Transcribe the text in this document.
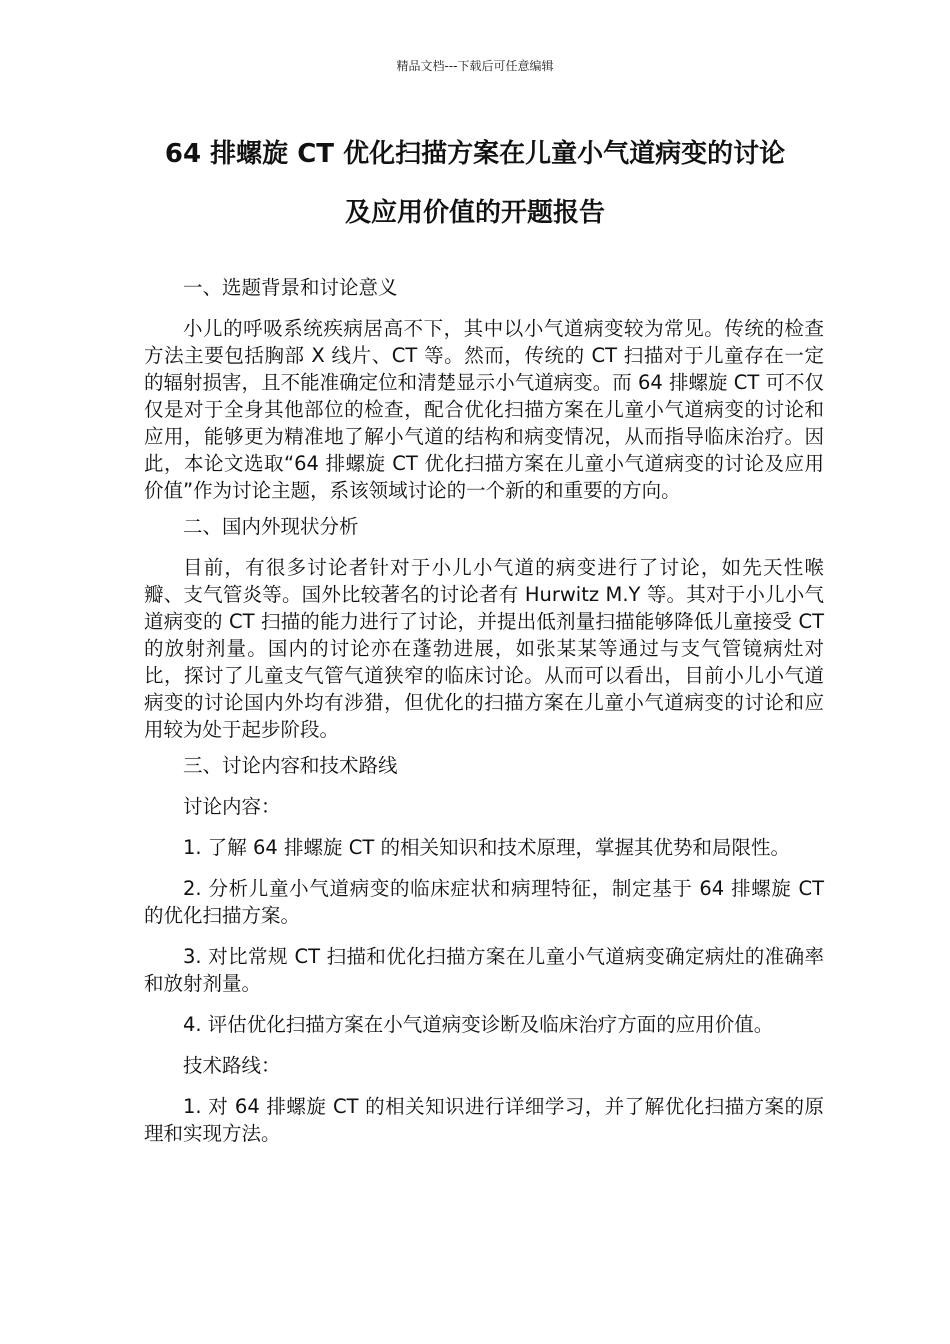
精品文档---下载后可任意编辑
64 排螺旋 CT 优化扫描方案在儿童小气道病变的讨论
及应用价值的开题报告

一、选题背景和讨论意义

小儿的呼吸系统疾病居高不下，其中以小气道病变较为常见。传统的检查方法主要包括胸部 X 线片、CT 等。然而，传统的 CT 扫描对于儿童存在一定的辐射损害，且不能准确定位和清楚显示小气道病变。而 64 排螺旋 CT 可不仅仅是对于全身其他部位的检查，配合优化扫描方案在儿童小气道病变的讨论和应用，能够更为精准地了解小气道的结构和病变情况，从而指导临床治疗。因此，本论文选取“64 排螺旋 CT 优化扫描方案在儿童小气道病变的讨论及应用价值”作为讨论主题，系该领域讨论的一个新的和重要的方向。

二、国内外现状分析

目前，有很多讨论者针对于小儿小气道的病变进行了讨论，如先天性喉瓣、支气管炎等。国外比较著名的讨论者有 Hurwitz M.Y 等。其对于小儿小气道病变的 CT 扫描的能力进行了讨论，并提出低剂量扫描能够降低儿童接受 CT 的放射剂量。国内的讨论亦在蓬勃进展，如张某某等通过与支气管镜病灶对比，探讨了儿童支气管气道狭窄的临床讨论。从而可以看出，目前小儿小气道病变的讨论国内外均有涉猎，但优化的扫描方案在儿童小气道病变的讨论和应用较为处于起步阶段。

三、讨论内容和技术路线

讨论内容：

1. 了解 64 排螺旋 CT 的相关知识和技术原理，掌握其优势和局限性。

2. 分析儿童小气道病变的临床症状和病理特征，制定基于 64 排螺旋 CT 的优化扫描方案。

3. 对比常规 CT 扫描和优化扫描方案在儿童小气道病变确定病灶的准确率和放射剂量。

4. 评估优化扫描方案在小气道病变诊断及临床治疗方面的应用价值。

技术路线：

1. 对 64 排螺旋 CT 的相关知识进行详细学习，并了解优化扫描方案的原理和实现方法。
